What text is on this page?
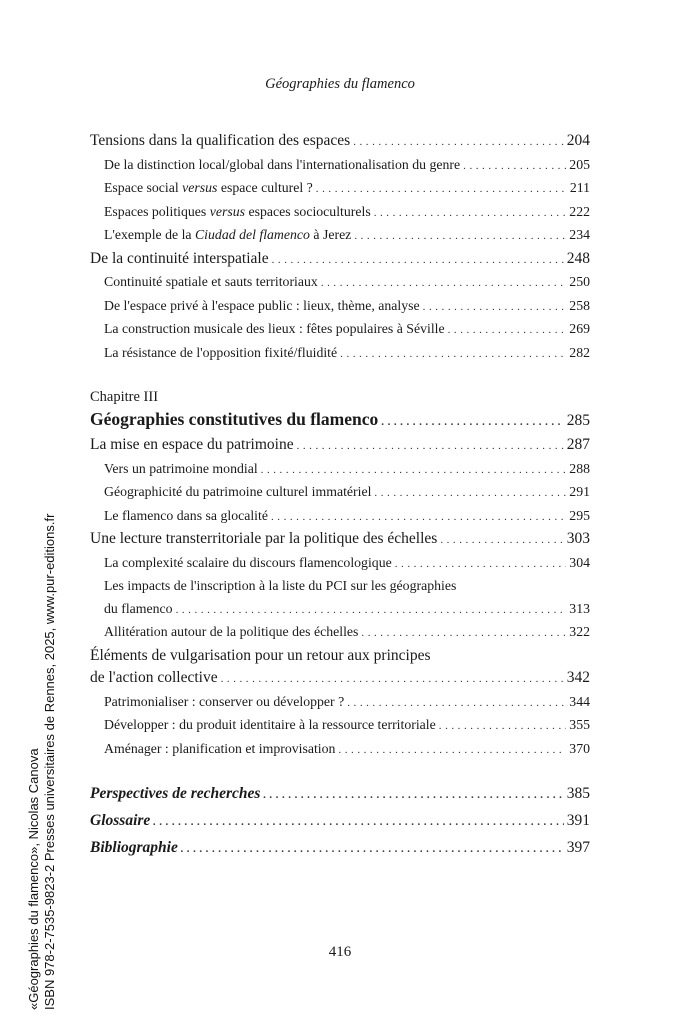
Géographies du flamenco
Tensions dans la qualification des espaces . . .	204
De la distinction local/global dans l'internationalisation du genre . . .	205
Espace social versus espace culturel ? . . .	211
Espaces politiques versus espaces socioculturels . . .	222
L'exemple de la Ciudad del flamenco à Jerez . . .	234
De la continuité interspatiale . . .	248
Continuité spatiale et sauts territoriaux . . .	250
De l'espace privé à l'espace public : lieux, thème, analyse . . .	258
La construction musicale des lieux : fêtes populaires à Séville . . .	269
La résistance de l'opposition fixité/fluidité . . .	282
Chapitre III
Géographies constitutives du flamenco . . .	285
La mise en espace du patrimoine . . .	287
Vers un patrimoine mondial . . .	288
Géographicité du patrimoine culturel immatériel . . .	291
Le flamenco dans sa glocalité . . .	295
Une lecture transterritoriale par la politique des échelles . . .	303
La complexité scalaire du discours flamencologique . . .	304
Les impacts de l'inscription à la liste du PCI sur les géographies
du flamenco . . .	313
Allitération autour de la politique des échelles . . .	322
Éléments de vulgarisation pour un retour aux principes
de l'action collective . . .	342
Patrimonialiser : conserver ou développer ? . . .	344
Développer : du produit identitaire à la ressource territoriale . . .	355
Aménager : planification et improvisation . . .	370
Perspectives de recherches . . .	385
Glossaire . . .	391
Bibliographie . . .	397
416
«Géographies du flamenco», Nicolas Canova ISBN 978-2-7535-9823-2 Presses universitaires de Rennes, 2025, www.pur-editions.fr
